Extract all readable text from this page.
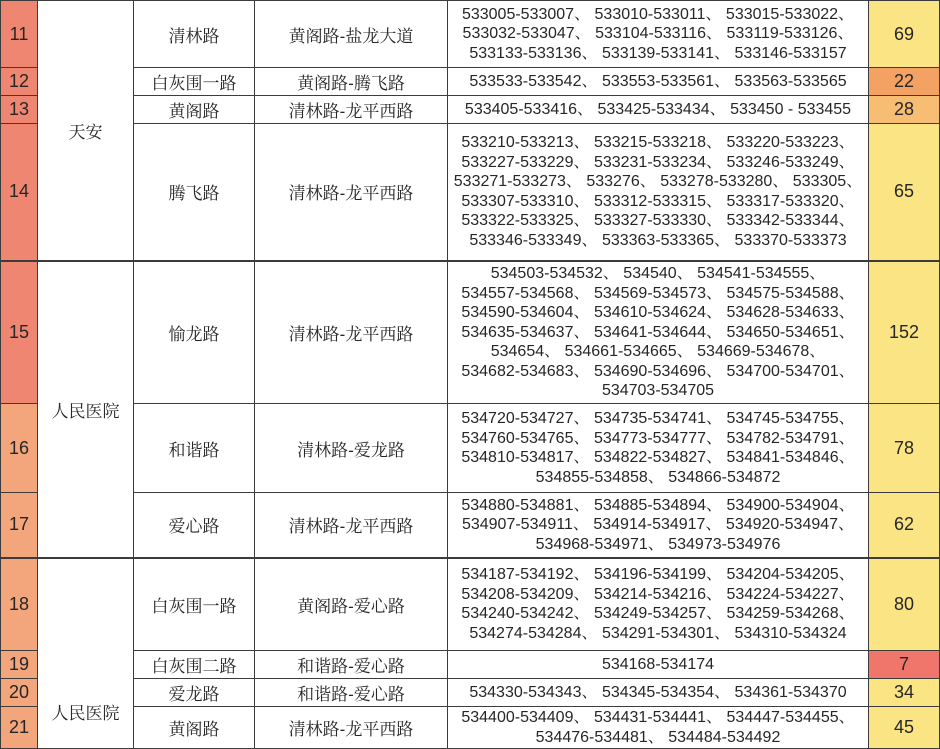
11	天安	清林路	黄阁路-盐龙大道	533005-533007、 533010-533011、 533015-533022、 533032-533047、 533104-533116、 533119-533126、 533133-533136、 533139-533141、 533146-533157	69
12		白灰围一路	黄阁路-腾飞路	533533-533542、 533553-533561、 533563-533565	22
13		黄阁路	清林路-龙平西路	533405-533416、 533425-533434、 533450 - 533455	28
14		腾飞路	清林路-龙平西路	533210-533213、 533215-533218、 533220-533223、 533227-533229、 533231-533234、 533246-533249、 533271-533273、 533276、 533278-533280、 533305、 533307-533310、 533312-533315、 533317-533320、 533322-533325、 533327-533330、 533342-533344、 533346-533349、 533363-533365、 533370-533373	65
15	人民医院	愉龙路	清林路-龙平西路	534503-534532、 534540、 534541-534555、 534557-534568、 534569-534573、 534575-534588、 534590-534604、 534610-534624、 534628-534633、 534635-534637、 534641-534644、 534650-534651、 534654、 534661-534665、 534669-534678、 534682-534683、 534690-534696、 534700-534701、 534703-534705	152
16		和谐路	清林路-爱龙路	534720-534727、 534735-534741、 534745-534755、 534760-534765、 534773-534777、 534782-534791、 534810-534817、 534822-534827、 534841-534846、 534855-534858、 534866-534872	78
17		爱心路	清林路-龙平西路	534880-534881、 534885-534894、 534900-534904、 534907-534911、 534914-534917、 534920-534947、 534968-534971、 534973-534976	62
18	人民医院	白灰围一路	黄阁路-爱心路	534187-534192、 534196-534199、 534204-534205、 534208-534209、 534214-534216、 534224-534227、 534240-534242、 534249-534257、 534259-534268、 534274-534284、 534291-534301、 534310-534324	80
19		白灰围二路	和谐路-爱心路	534168-534174	7
20		爱龙路	和谐路-爱心路	534330-534343、 534345-534354、 534361-534370	34
21		黄阁路	清林路-龙平西路	534400-534409、 534431-534441、 534447-534455、 534476-534481、 534484-534492	45
